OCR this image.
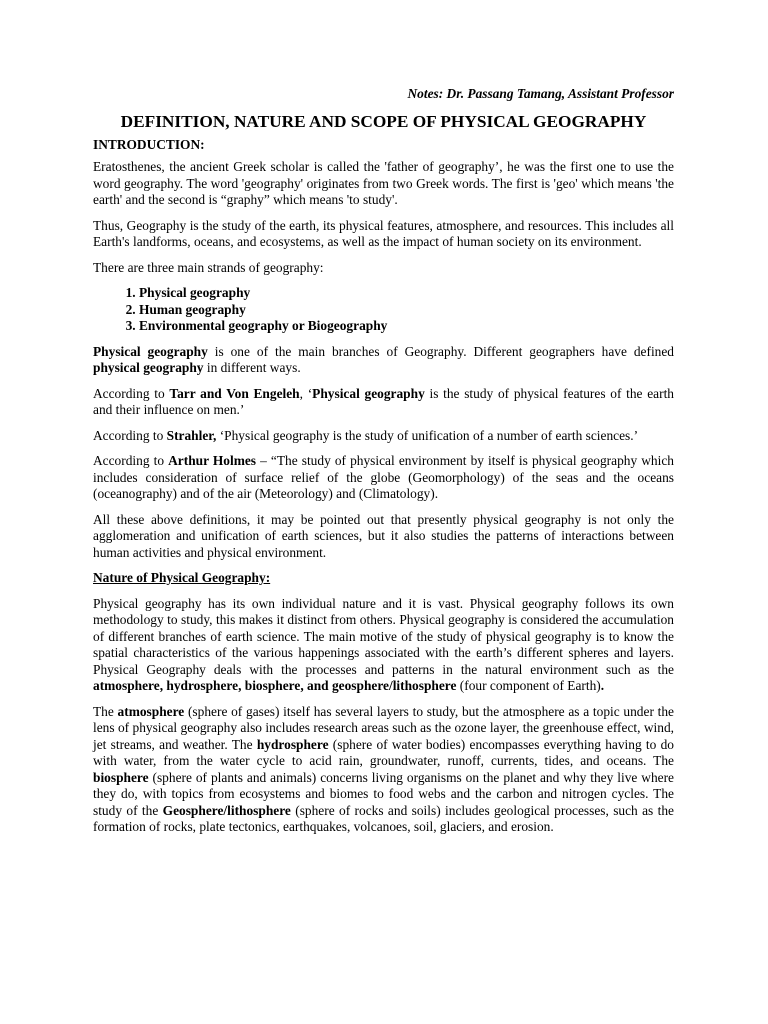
Notes: Dr. Passang Tamang, Assistant Professor

DEFINITION, NATURE AND SCOPE OF PHYSICAL GEOGRAPHY
INTRODUCTION:

Eratosthenes, the ancient Greek scholar is called the 'father of geography’, he was the first one to use the word geography. The word 'geography' originates from two Greek words. The first is 'geo' which means 'the earth' and the second is “graphy” which means 'to study'.

Thus, Geography is the study of the earth, its physical features, atmosphere, and resources. This includes all Earth's landforms, oceans, and ecosystems, as well as the impact of human society on its environment.

There are three main strands of geography:

1. Physical geography
2. Human geography
3. Environmental geography or Biogeography

Physical geography is one of the main branches of Geography. Different geographers have defined physical geography in different ways.

According to Tarr and Von Engeleh, ‘Physical geography is the study of physical features of the earth and their influence on men.’

According to Strahler, ‘Physical geography is the study of unification of a number of earth sciences.’

According to Arthur Holmes – “The study of physical environment by itself is physical geography which includes consideration of surface relief of the globe (Geomorphology) of the seas and the oceans (oceanography) and of the air (Meteorology) and (Climatology).

All these above definitions, it may be pointed out that presently physical geography is not only the agglomeration and unification of earth sciences, but it also studies the patterns of interactions between human activities and physical environment.

Nature of Physical Geography:

Physical geography has its own individual nature and it is vast. Physical geography follows its own methodology to study, this makes it distinct from others. Physical geography is considered the accumulation of different branches of earth science. The main motive of the study of physical geography is to know the spatial characteristics of the various happenings associated with the earth’s different spheres and layers. Physical Geography deals with the processes and patterns in the natural environment such as the atmosphere, hydrosphere, biosphere, and geosphere/lithosphere (four component of Earth).

The atmosphere (sphere of gases) itself has several layers to study, but the atmosphere as a topic under the lens of physical geography also includes research areas such as the ozone layer, the greenhouse effect, wind, jet streams, and weather. The hydrosphere (sphere of water bodies) encompasses everything having to do with water, from the water cycle to acid rain, groundwater, runoff, currents, tides, and oceans. The biosphere (sphere of plants and animals) concerns living organisms on the planet and why they live where they do, with topics from ecosystems and biomes to food webs and the carbon and nitrogen cycles. The study of the Geosphere/lithosphere (sphere of rocks and soils) includes geological processes, such as the formation of rocks, plate tectonics, earthquakes, volcanoes, soil, glaciers, and erosion.
